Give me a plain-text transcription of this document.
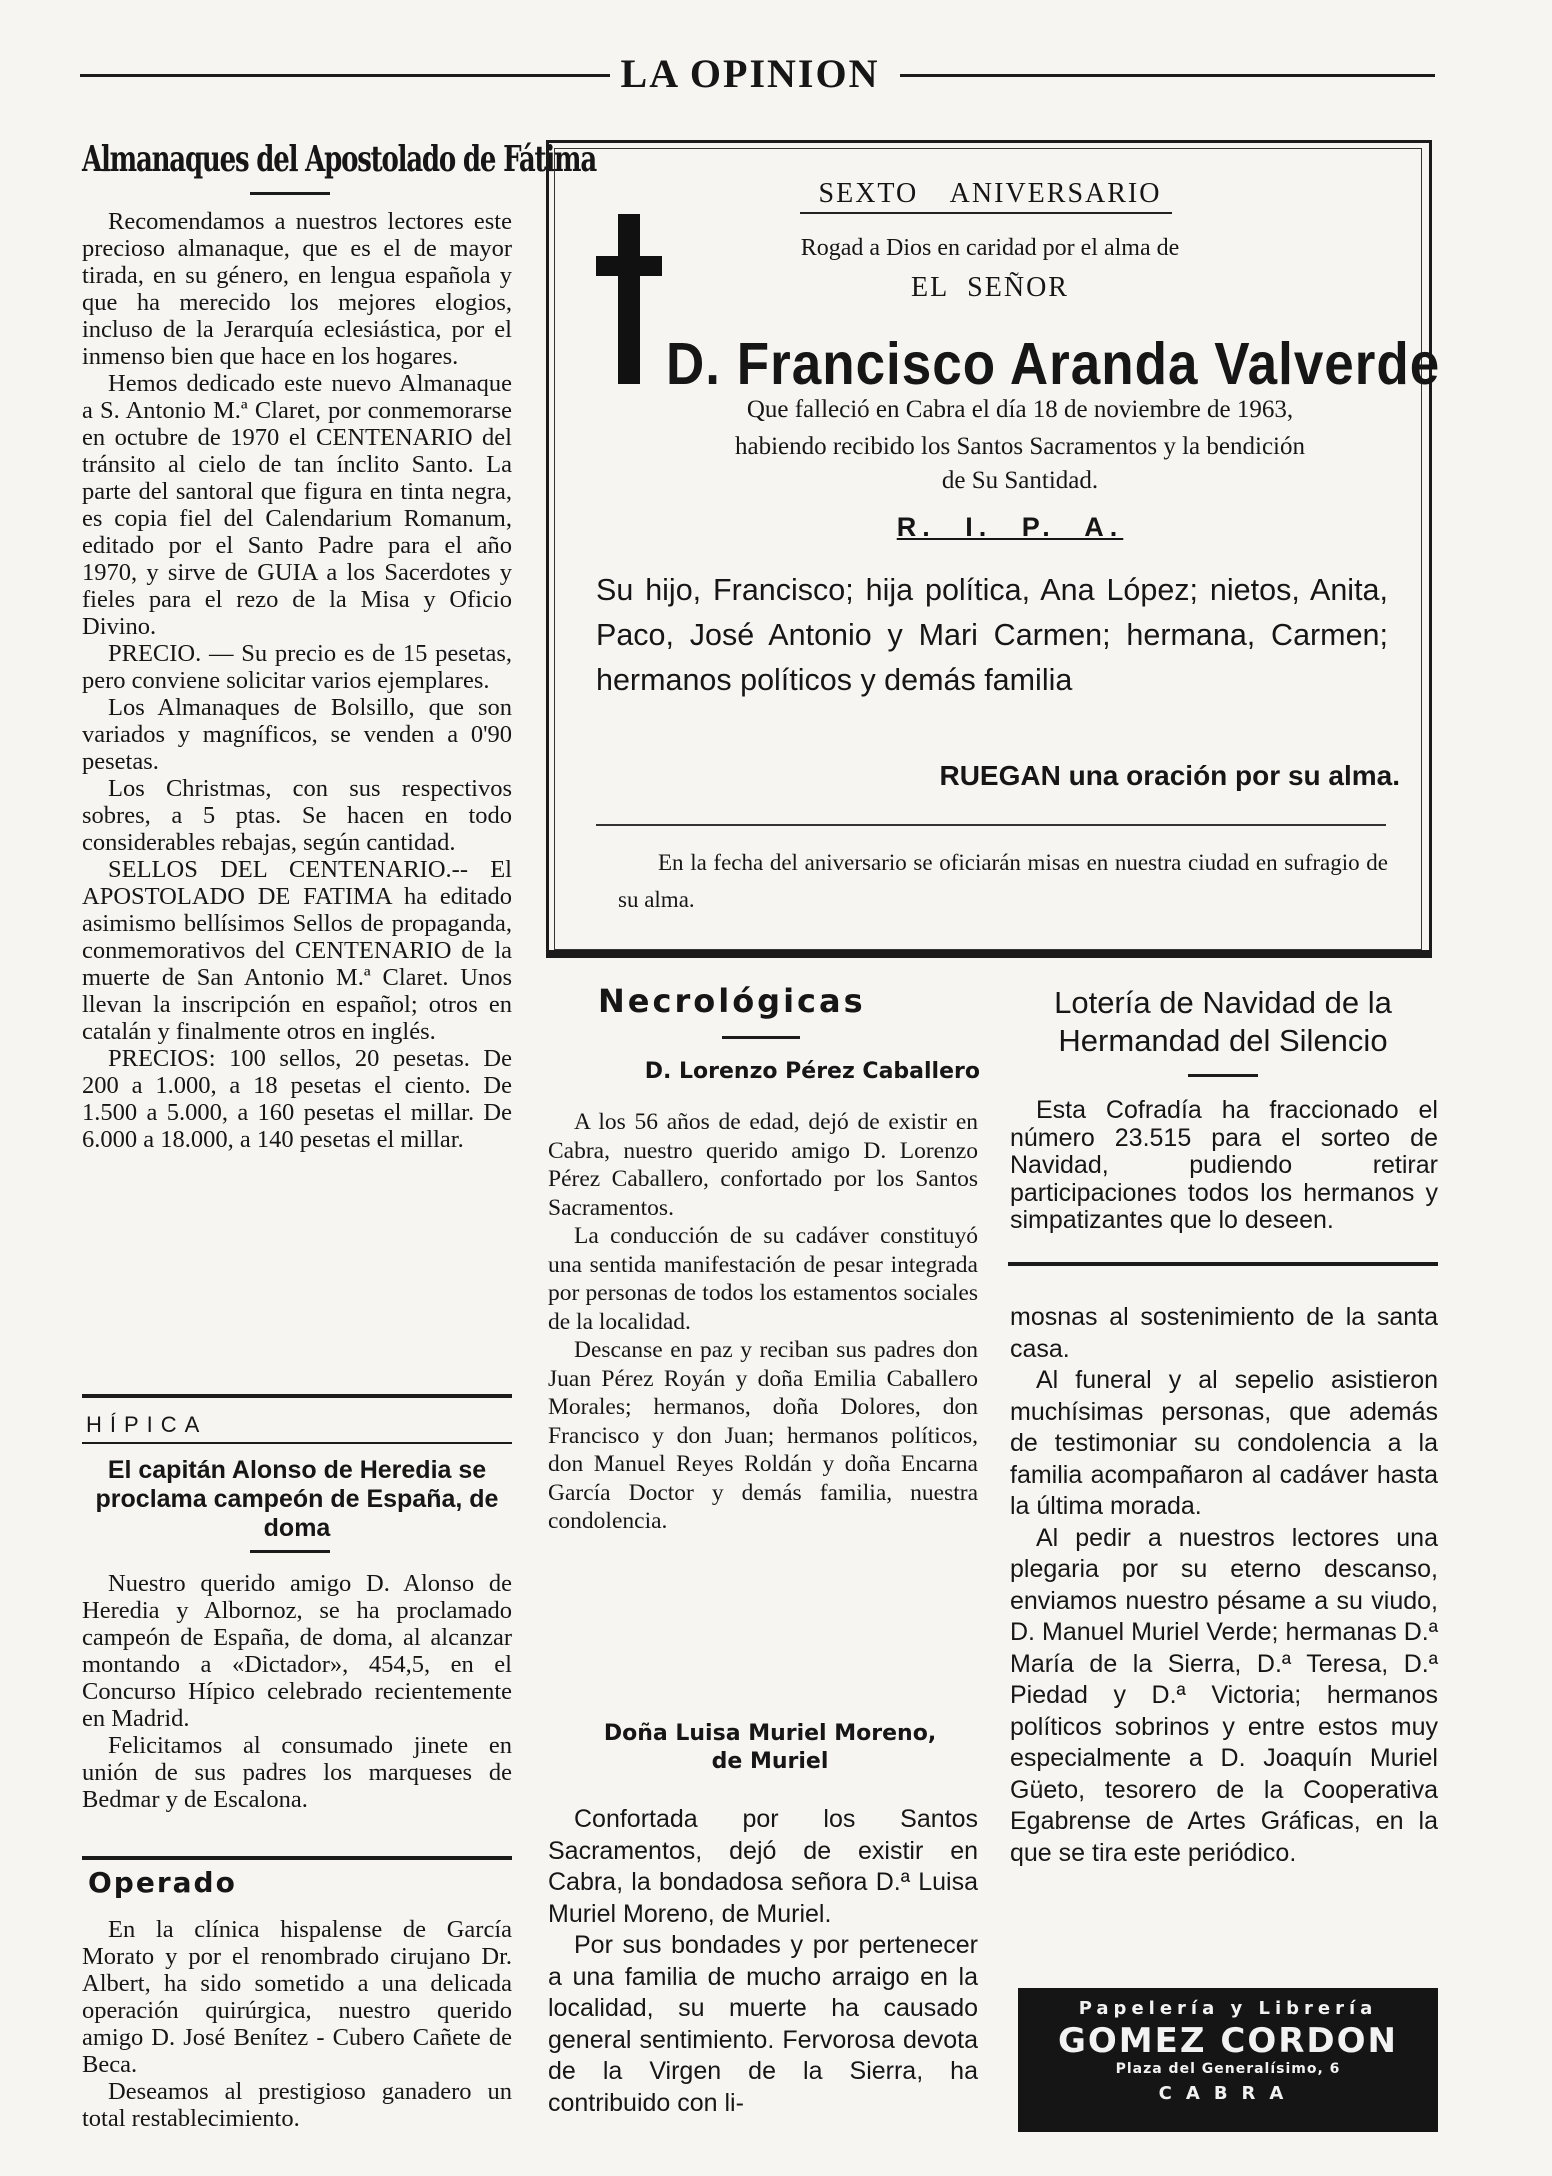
LA OPINION
Almanaques del Apostolado de Fátima

Recomendamos a nuestros lectores este precioso almanaque, que es el de mayor tirada, en su género, en lengua española y que ha merecido los mejores elogios, incluso de la Jerarquía eclesiástica, por el inmenso bien que hace en los hogares.

Hemos dedicado este nuevo Almanaque a S. Antonio M.ª Claret, por conmemorarse en octubre de 1970 el CENTENARIO del tránsito al cielo de tan ínclito Santo. La parte del santoral que figura en tinta negra, es copia fiel del Calendarium Romanum, editado por el Santo Padre para el año 1970, y sirve de GUIA a los Sacerdotes y fieles para el rezo de la Misa y Oficio Divino.

PRECIO. — Su precio es de 15 pesetas, pero conviene solicitar varios ejemplares.

Los Almanaques de Bolsillo, que son variados y magníficos, se venden a 0'90 pesetas.

Los Christmas, con sus respectivos sobres, a 5 ptas. Se hacen en todo considerables rebajas, según cantidad.

SELLOS DEL CENTENARIO.-- El APOSTOLADO DE FATIMA ha editado asimismo bellísimos Sellos de propaganda, conmemorativos del CENTENARIO de la muerte de San Antonio M.ª Claret. Unos llevan la inscripción en español; otros en catalán y finalmente otros en inglés.

PRECIOS: 100 sellos, 20 pesetas. De 200 a 1.000, a 18 pesetas el ciento. De 1.500 a 5.000, a 160 pesetas el millar. De 6.000 a 18.000, a 140 pesetas el millar.

HÍPICA
El capitán Alonso de Heredia se proclama campeón de España, de doma

Nuestro querido amigo D. Alonso de Heredia y Albornoz, se ha proclamado campeón de España, de doma, al alcanzar montando a «Dictador», 454,5, en el Concurso Hípico celebrado recientemente en Madrid.

Felicitamos al consumado jinete en unión de sus padres los marqueses de Bedmar y de Escalona.

Operado

En la clínica hispalense de García Morato y por el renombrado cirujano Dr. Albert, ha sido sometido a una delicada operación quirúrgica, nuestro querido amigo D. José Benítez - Cubero Cañete de Beca.

Deseamos al prestigioso ganadero un total restablecimiento.

SEXTO ANIVERSARIO
Rogad a Dios en caridad por el alma de
EL SEÑOR
D. Francisco Aranda Valverde
Que falleció en Cabra el día 18 de noviembre de 1963,
habiendo recibido los Santos Sacramentos y la bendición
de Su Santidad.
R. I. P. A.
Su hijo, Francisco; hija política, Ana López; nietos, Anita, Paco, José Antonio y Mari Carmen; hermana, Carmen; hermanos políticos y demás familia
RUEGAN una oración por su alma.
En la fecha del aniversario se oficiarán misas en nuestra ciudad en sufragio de su alma.
Necrológicas
D. Lorenzo Pérez Caballero

A los 56 años de edad, dejó de existir en Cabra, nuestro querido amigo D. Lorenzo Pérez Caballero, confortado por los Santos Sacramentos.

La conducción de su cadáver constituyó una sentida manifestación de pesar integrada por personas de todos los estamentos sociales de la localidad.

Descanse en paz y reciban sus padres don Juan Pérez Royán y doña Emilia Caballero Morales; hermanos, doña Dolores, don Francisco y don Juan; hermanos políticos, don Manuel Reyes Roldán y doña Encarna García Doctor y demás familia, nuestra condolencia.

Doña Luisa Muriel Moreno,
de Muriel

Confortada por los Santos Sacramentos, dejó de existir en Cabra, la bondadosa señora D.ª Luisa Muriel Moreno, de Muriel.

Por sus bondades y por pertenecer a una familia de mucho arraigo en la localidad, su muerte ha causado general sentimiento. Fervorosa devota de la Virgen de la Sierra, ha contribuido con li-

Lotería de Navidad de la Hermandad del Silencio

Esta Cofradía ha fraccionado el número 23.515 para el sorteo de Navidad, pudiendo retirar participaciones todos los hermanos y simpatizantes que lo deseen.

mosnas al sostenimiento de la santa casa.

Al funeral y al sepelio asistieron muchísimas personas, que además de testimoniar su condolencia a la familia acompañaron al cadáver hasta la última morada.

Al pedir a nuestros lectores una plegaria por su eterno descanso, enviamos nuestro pésame a su viudo, D. Manuel Muriel Verde; hermanas D.ª María de la Sierra, D.ª Teresa, D.ª Piedad y D.ª Victoria; hermanos políticos sobrinos y entre estos muy especialmente a D. Joaquín Muriel Güeto, tesorero de la Cooperativa Egabrense de Artes Gráficas, en la que se tira este periódico.

Papelería y Librería
GOMEZ CORDON
Plaza del Generalísimo, 6
CABRA
